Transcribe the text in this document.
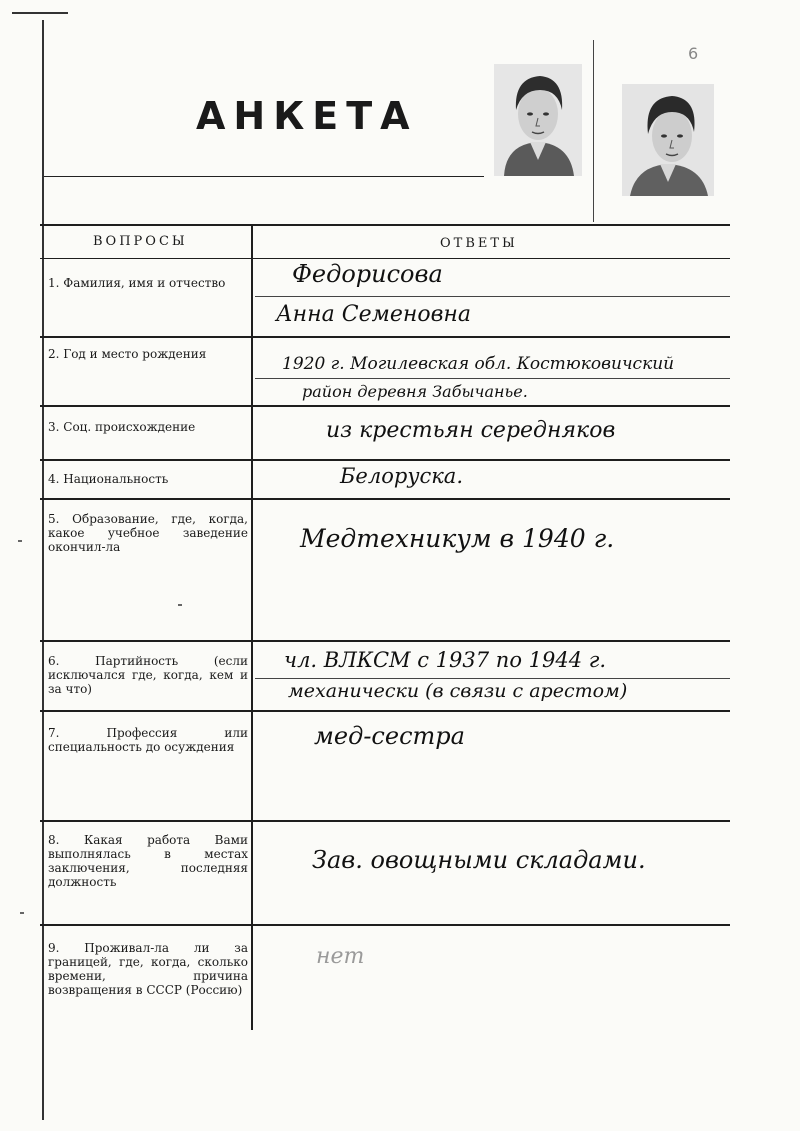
6
АНКЕТА
ВОПРОСЫ	ОТВЕТЫ
1. Фамилия, имя и отчество	Федорисова
Анна Семеновна
2. Год и место рождения	1920 г. Могилевская обл. Костюковичский
район деревня Забычанье.
3. Соц. происхождение	из крестьян середняков
4. Национальность	Белоруска.
5. Образование, где, когда, какое учебное заведение окончил-ла	Медтехникум в 1940 г.
6. Партийность (если исключался где, когда, кем и за что)
чл. ВЛКСМ с 1937 по 1944 г.
механически (в связи с арестом)
7. Профессия или специальность до осуждения	мед-сестра
8. Какая работа Вами выполнялась в местах заключения, последняя должность
Зав. овощными складами.
9. Проживал-ла ли за границей, где, когда, сколько времени, причина возвращения в СССР (Россию)
нет
